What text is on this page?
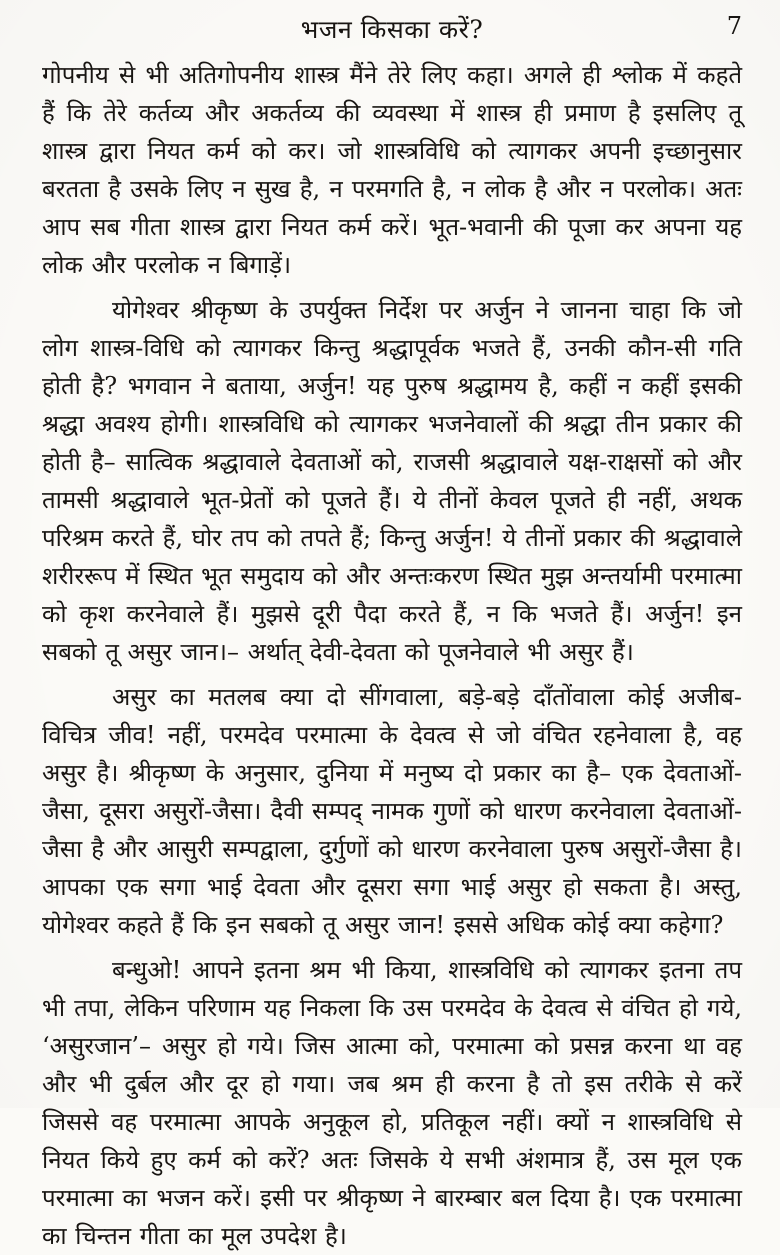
भजन किसका करें?	7

गोपनीय से भी अतिगोपनीय शास्त्र मैंने तेरे लिए कहा। अगले ही श्लोक में कहते हैं कि तेरे कर्तव्य और अकर्तव्य की व्यवस्था में शास्त्र ही प्रमाण है इसलिए तू शास्त्र द्वारा नियत कर्म को कर। जो शास्त्रविधि को त्यागकर अपनी इच्छानुसार बरतता है उसके लिए न सुख है, न परमगति है, न लोक है और न परलोक। अतः आप सब गीता शास्त्र द्वारा नियत कर्म करें। भूत-भवानी की पूजा कर अपना यह लोक और परलोक न बिगाड़ें।

योगेश्वर श्रीकृष्ण के उपर्युक्त निर्देश पर अर्जुन ने जानना चाहा कि जो लोग शास्त्र-विधि को त्यागकर किन्तु श्रद्धापूर्वक भजते हैं, उनकी कौन-सी गति होती है? भगवान ने बताया, अर्जुन! यह पुरुष श्रद्धामय है, कहीं न कहीं इसकी श्रद्धा अवश्य होगी। शास्त्रविधि को त्यागकर भजनेवालों की श्रद्धा तीन प्रकार की होती है– सात्विक श्रद्धावाले देवताओं को, राजसी श्रद्धावाले यक्ष-राक्षसों को और तामसी श्रद्धावाले भूत-प्रेतों को पूजते हैं। ये तीनों केवल पूजते ही नहीं, अथक परिश्रम करते हैं, घोर तप को तपते हैं; किन्तु अर्जुन! ये तीनों प्रकार की श्रद्धावाले शरीररूप में स्थित भूत समुदाय को और अन्तःकरण स्थित मुझ अन्तर्यामी परमात्मा को कृश करनेवाले हैं। मुझसे दूरी पैदा करते हैं, न कि भजते हैं। अर्जुन! इन सबको तू असुर जान।– अर्थात् देवी-देवता को पूजनेवाले भी असुर हैं।

असुर का मतलब क्या दो सींगवाला, बड़े-बड़े दाँतोंवाला कोई अजीब-विचित्र जीव! नहीं, परमदेव परमात्मा के देवत्व से जो वंचित रहनेवाला है, वह असुर है। श्रीकृष्ण के अनुसार, दुनिया में मनुष्य दो प्रकार का है– एक देवताओं-जैसा, दूसरा असुरों-जैसा। दैवी सम्पद् नामक गुणों को धारण करनेवाला देवताओं-जैसा है और आसुरी सम्पद्वाला, दुर्गुणों को धारण करनेवाला पुरुष असुरों-जैसा है। आपका एक सगा भाई देवता और दूसरा सगा भाई असुर हो सकता है। अस्तु, योगेश्वर कहते हैं कि इन सबको तू असुर जान! इससे अधिक कोई क्या कहेगा?

बन्धुओ! आपने इतना श्रम भी किया, शास्त्रविधि को त्यागकर इतना तप भी तपा, लेकिन परिणाम यह निकला कि उस परमदेव के देवत्व से वंचित हो गये, ‘असुरजान’– असुर हो गये। जिस आत्मा को, परमात्मा को प्रसन्न करना था वह और भी दुर्बल और दूर हो गया। जब श्रम ही करना है तो इस तरीके से करें जिससे वह परमात्मा आपके अनुकूल हो, प्रतिकूल नहीं। क्यों न शास्त्रविधि से नियत किये हुए कर्म को करें? अतः जिसके ये सभी अंशमात्र हैं, उस मूल एक परमात्मा का भजन करें। इसी पर श्रीकृष्ण ने बारम्बार बल दिया है। एक परमात्मा का चिन्तन गीता का मूल उपदेश है।
